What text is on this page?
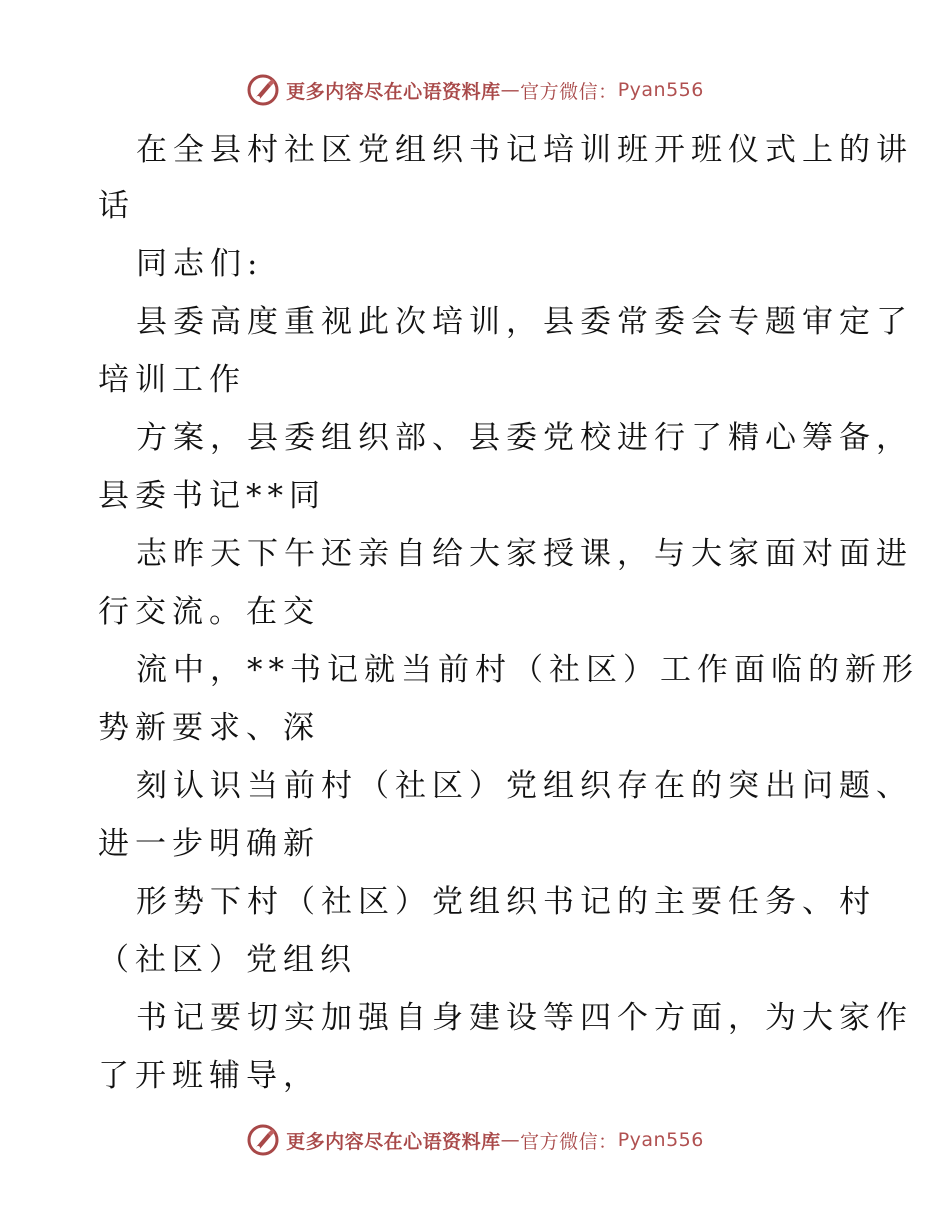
更多内容尽在心语资料库 — 官方微信： Pyan556
在全县村社区党组织书记培训班开班仪式上的讲
话
同志们:
县委高度重视此次培训，县委常委会专题审定了
培训工作
方案，县委组织部、县委党校进行了精心筹备，
县委书记**同
志昨天下午还亲自给大家授课，与大家面对面进
行交流。在交
流中，**书记就当前村（社区）工作面临的新形
势新要求、深
刻认识当前村（社区）党组织存在的突出问题、
进一步明确新
形势下村（社区）党组织书记的主要任务、村
（社区）党组织
书记要切实加强自身建设等四个方面，为大家作
了开班辅导，
更多内容尽在心语资料库 — 官方微信： Pyan556
